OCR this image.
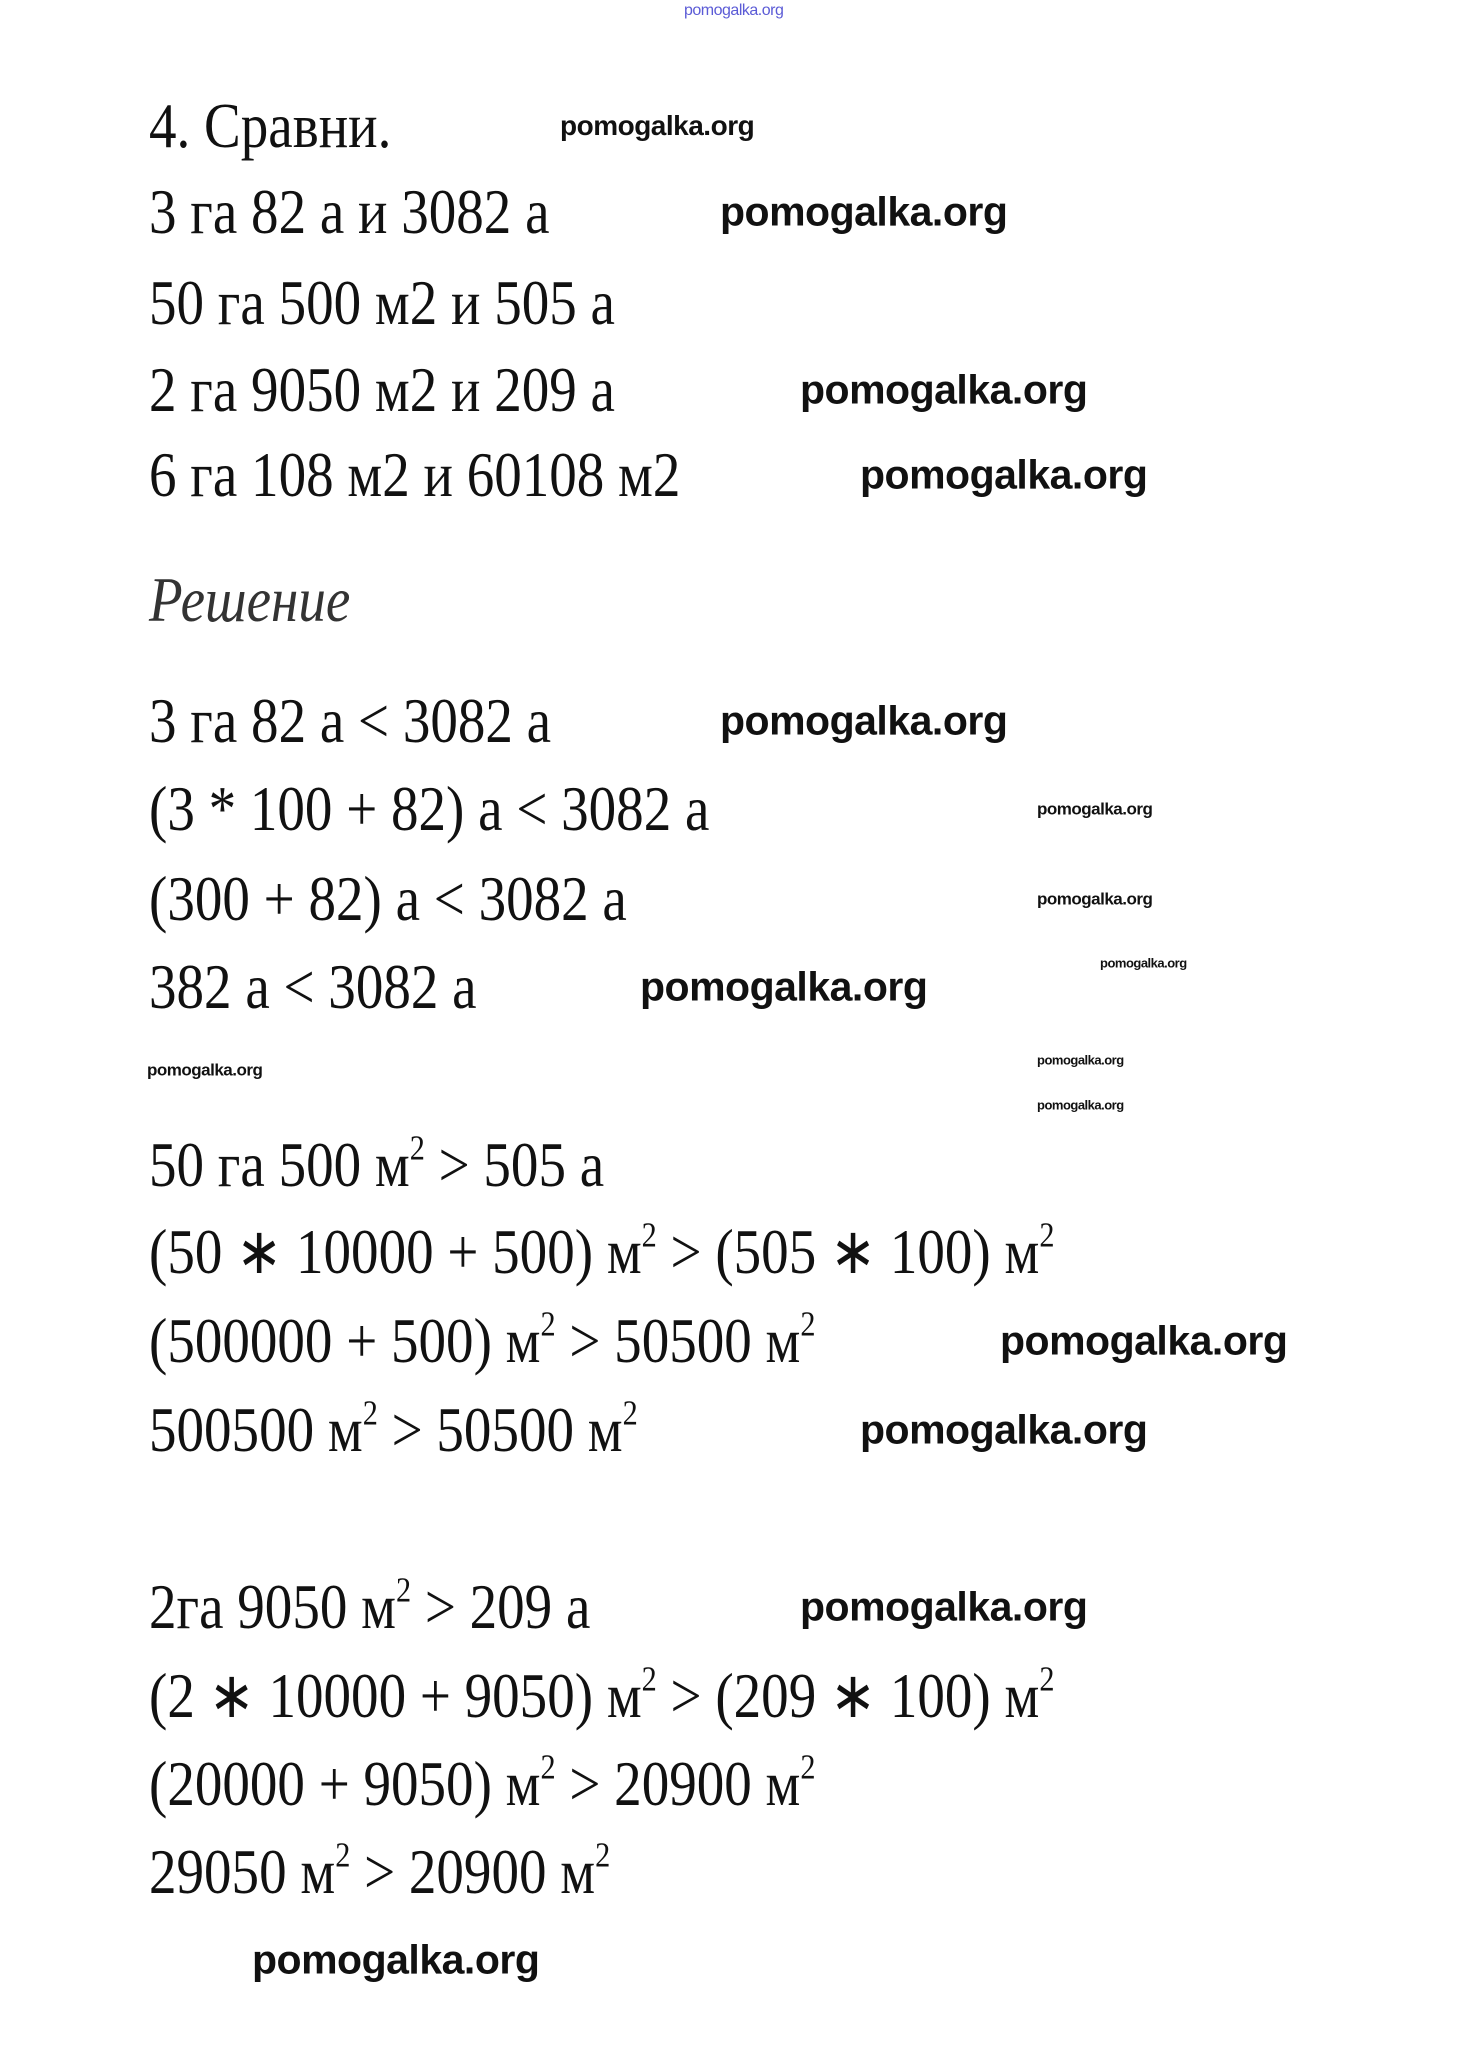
pomogalka.org
4. Сравни.
3 га 82 а и 3082 а
50 га 500 м2 и 505 а
2 га 9050 м2 и 209 а
6 га 108 м2 и 60108 м2
Решение
3 га 82 а < 3082 а
(3 * 100 + 82) а < 3082 а
(300 + 82) а < 3082 а
382 а < 3082 а
50 га 500 $м^2 > 505$ а
(50 ∗ 10000 + 500) $м^2 > (505$ ∗ 100) $м^2$
(500000 + 500) $м^2 > 50500$ $м^2$
500500 $м^2 > 50500$ $м^2$
2га 9050 $м^2 > 209$ а
(2 ∗ 10000 + 9050) $м^2 > (209$ ∗ 100) $м^2$
(20000 + 9050) $м^2 > 20900$ $м^2$
29050 $м^2 > 20900$ $м^2$
pomogalka.org
pomogalka.org
pomogalka.org
pomogalka.org
pomogalka.org
pomogalka.org
pomogalka.org
pomogalka.org
pomogalka.org
pomogalka.org
pomogalka.org
pomogalka.org
pomogalka.org
pomogalka.org
pomogalka.org
pomogalka.org
